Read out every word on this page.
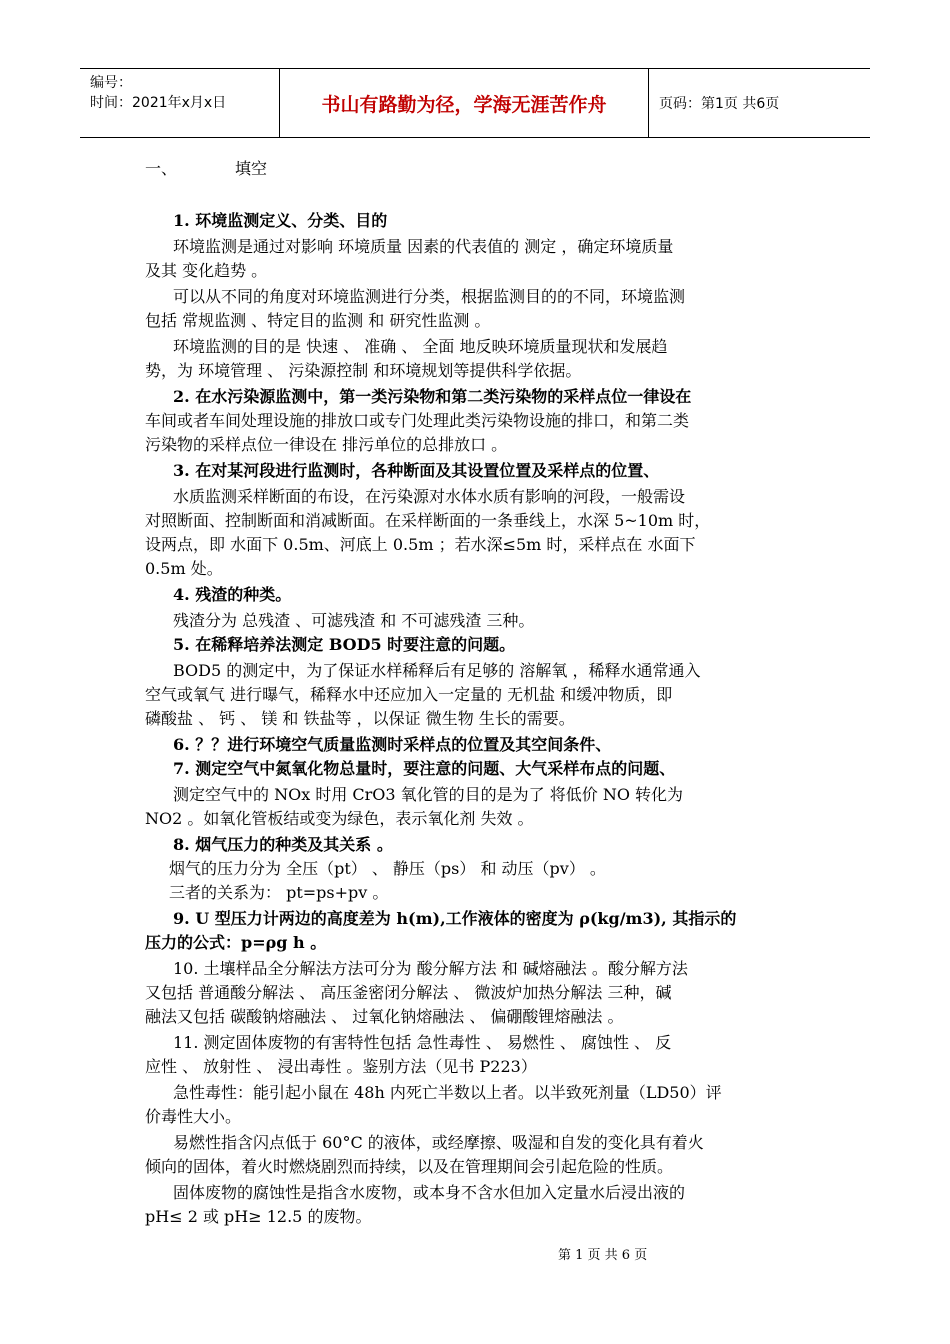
编号：
时间：2021年x月x日	书山有路勤为径，学海无涯苦作舟	页码：第1页 共6页
一、	填空
1. 环境监测定义、分类、目的
环境监测是通过对影响 环境质量 因素的代表值的 测定 ，确定环境质量
及其 变化趋势 。
可以从不同的角度对环境监测进行分类，根据监测目的的不同，环境监测
包括 常规监测 、特定目的监测 和 研究性监测 。
环境监测的目的是 快速 、 准确 、 全面 地反映环境质量现状和发展趋
势，为 环境管理 、 污染源控制 和环境规划等提供科学依据。
2. 在水污染源监测中，第一类污染物和第二类污染物的采样点位一律设在
车间或者车间处理设施的排放口或专门处理此类污染物设施的排口，和第二类
污染物的采样点位一律设在 排污单位的总排放口 。
3. 在对某河段进行监测时，各种断面及其设置位置及采样点的位置、
水质监测采样断面的布设，在污染源对水体水质有影响的河段，一般需设
对照断面、控制断面和消减断面。在采样断面的一条垂线上，水深 5~10m 时，
设两点，即 水面下 0.5m、河底上 0.5m ；若水深≤5m 时，采样点在 水面下
0.5m 处。
4. 残渣的种类。
残渣分为 总残渣 、可滤残渣 和 不可滤残渣 三种。
5. 在稀释培养法测定 BOD5 时要注意的问题。
BOD5 的测定中，为了保证水样稀释后有足够的 溶解氧 ，稀释水通常通入
空气或氧气 进行曝气，稀释水中还应加入一定量的 无机盐 和缓冲物质，即
磷酸盐 、 钙 、 镁 和 铁盐等 ，以保证 微生物 生长的需要。
6. ？？进行环境空气质量监测时采样点的位置及其空间条件、
7. 测定空气中氮氧化物总量时，要注意的问题、大气采样布点的问题、
测定空气中的 NOx 时用 CrO3 氧化管的目的是为了 将低价 NO 转化为
NO2 。如氧化管板结或变为绿色，表示氧化剂 失效 。
8. 烟气压力的种类及其关系 。
烟气的压力分为 全压（pt） 、 静压（ps） 和 动压（pv） 。
三者的关系为： pt=ps+pv 。
9. U 型压力计两边的高度差为 h(m),工作液体的密度为 ρ(kg/m3), 其指示的
压力的公式：p=ρg h 。
10. 土壤样品全分解法方法可分为 酸分解方法 和 碱熔融法 。酸分解方法
又包括 普通酸分解法 、 高压釜密闭分解法 、 微波炉加热分解法 三种，碱
融法又包括 碳酸钠熔融法 、 过氧化钠熔融法 、 偏硼酸锂熔融法 。
11. 测定固体废物的有害特性包括 急性毒性 、 易燃性 、 腐蚀性 、 反
应性 、 放射性 、 浸出毒性 。鉴别方法（见书 P223）
急性毒性：能引起小鼠在 48h 内死亡半数以上者。以半致死剂量（LD50）评
价毒性大小。
易燃性指含闪点低于 60°C 的液体，或经摩擦、吸湿和自发的变化具有着火
倾向的固体，着火时燃烧剧烈而持续，以及在管理期间会引起危险的性质。
固体废物的腐蚀性是指含水废物，或本身不含水但加入定量水后浸出液的
pH≤ 2 或 pH≥ 12.5 的废物。
第 1 页 共 6 页
